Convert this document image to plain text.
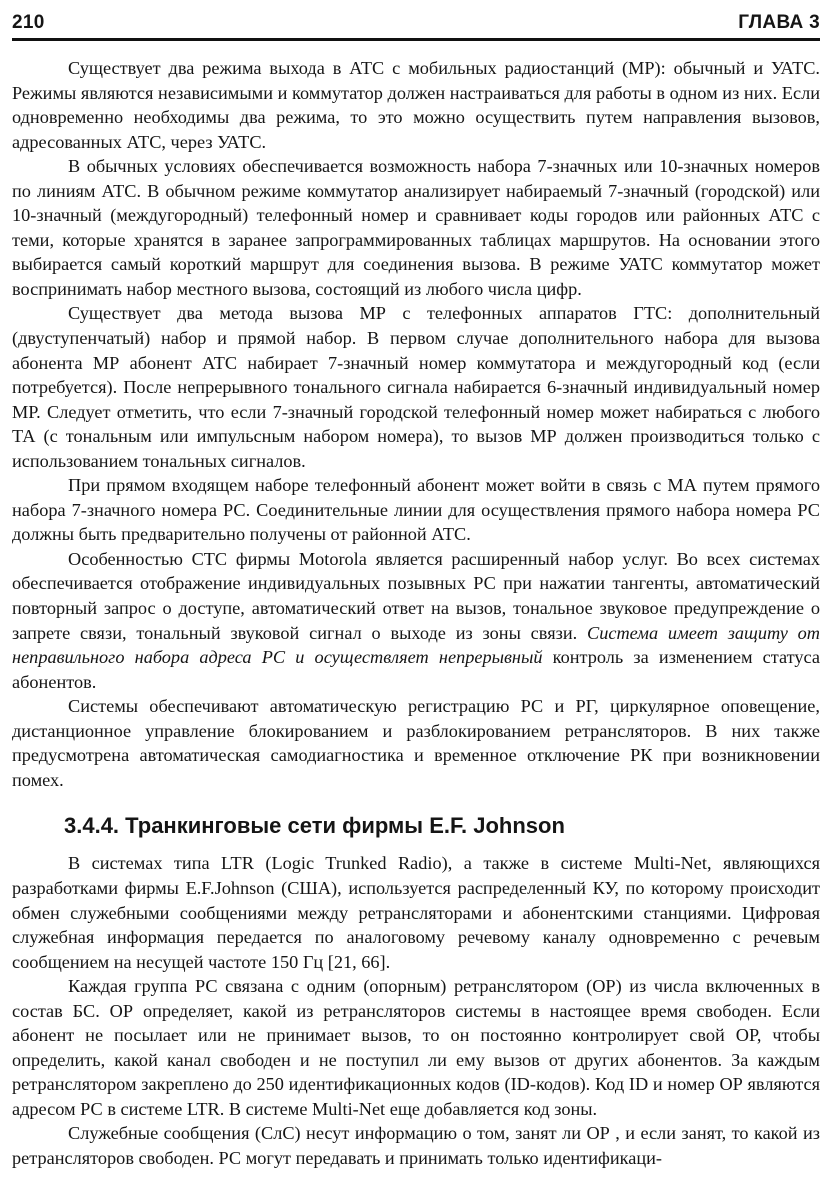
210	ГЛАВА 3

Существует два режима выхода в АТС с мобильных радиостанций (МР): обычный и УАТС. Режимы являются независимыми и коммутатор должен настраиваться для работы в одном из них. Если одновременно необходимы два режима, то это можно осуществить путем направления вызовов, адресованных АТС, через УАТС.

В обычных условиях обеспечивается возможность набора 7-значных или 10-значных номеров по линиям АТС. В обычном режиме коммутатор анализирует набираемый 7-значный (городской) или 10-значный (междугородный) телефонный номер и сравнивает коды городов или районных АТС с теми, которые хранятся в заранее запрограммированных таблицах маршрутов. На основании этого выбирается самый короткий маршрут для соединения вызова. В режиме УАТС коммутатор может воспринимать набор местного вызова, состоящий из любого числа цифр.

Существует два метода вызова МР с телефонных аппаратов ГТС: дополнительный (двуступенчатый) набор и прямой набор. В первом случае дополнительного набора для вызова абонента МР абонент АТС набирает 7-значный номер коммутатора и междугородный код (если потребуется). После непрерывного тонального сигнала набирается 6-значный индивидуальный номер МР. Следует отметить, что если 7-значный городской телефонный номер может набираться с любого ТА (с тональным или импульсным набором номера), то вызов МР должен производиться только с использованием тональных сигналов.

При прямом входящем наборе телефонный абонент может войти в связь с МА путем прямого набора 7-значного номера РС. Соединительные линии для осуществления прямого набора номера РС должны быть предварительно получены от районной АТС.

Особенностью СТС фирмы Motorola является расширенный набор услуг. Во всех системах обеспечивается отображение индивидуальных позывных РС при нажатии тангенты, автоматический повторный запрос о доступе, автоматический ответ на вызов, тональное звуковое предупреждение о запрете связи, тональный звуковой сигнал о выходе из зоны связи. Система имеет защиту от неправильного набора адреса РС и осуществляет непрерывный контроль за изменением статуса абонентов.

Системы обеспечивают автоматическую регистрацию РС и РГ, циркулярное оповещение, дистанционное управление блокированием и разблокированием ретрансляторов. В них также предусмотрена автоматическая самодиагностика и временное отключение РК при возникновении помех.

3.4.4. Транкинговые сети фирмы E.F. Johnson

В системах типа LTR (Logic Trunked Radio), а также в системе Multi-Net, являющихся разработками фирмы E.F.Johnson (США), используется распределенный КУ, по которому происходит обмен служебными сообщениями между ретрансляторами и абонентскими станциями. Цифровая служебная информация передается по аналоговому речевому каналу одновременно с речевым сообщением на несущей частоте 150 Гц [21, 66].

Каждая группа РС связана с одним (опорным) ретранслятором (ОР) из числа включенных в состав БС. ОР определяет, какой из ретрансляторов системы в настоящее время свободен. Если абонент не посылает или не принимает вызов, то он постоянно контролирует свой ОР, чтобы определить, какой канал свободен и не поступил ли ему вызов от других абонентов. За каждым ретранслятором закреплено до 250 идентификационных кодов (ID-кодов). Код ID и номер ОР являются адресом РС в системе LTR. В системе Multi-Net еще добавляется код зоны.

Служебные сообщения (СлС) несут информацию о том, занят ли ОР , и если занят, то какой из ретрансляторов свободен. РС могут передавать и принимать только идентификаци-
